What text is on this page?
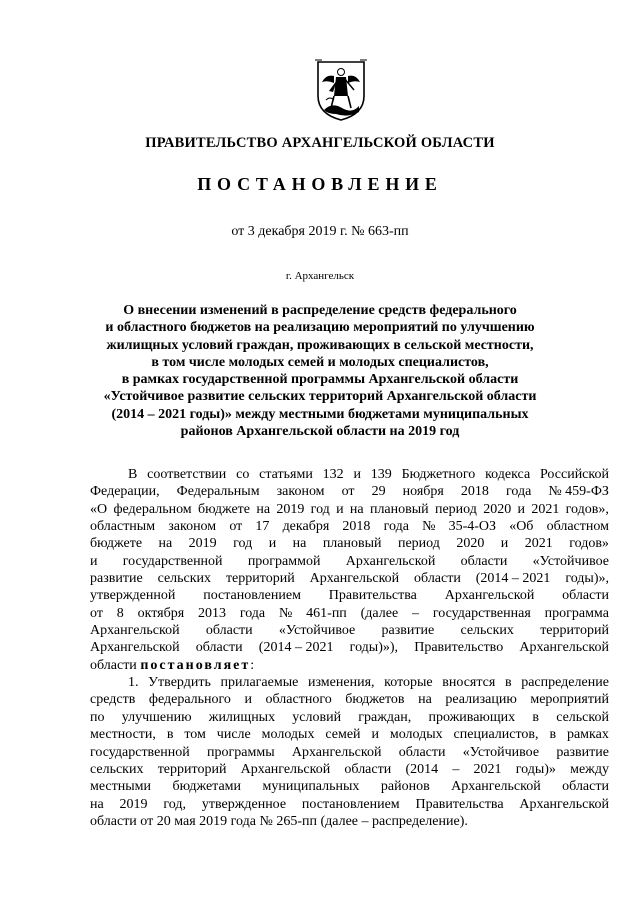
ПРАВИТЕЛЬСТВО АРХАНГЕЛЬСКОЙ ОБЛАСТИ
ПОСТАНОВЛЕНИЕ
от 3 декабря 2019 г. № 663-пп
г. Архангельск
О внесении изменений в распределение средств федерального
и областного бюджетов на реализацию мероприятий по улучшению
жилищных условий граждан, проживающих в сельской местности,
в том числе молодых семей и молодых специалистов,
в рамках государственной программы Архангельской области
«Устойчивое развитие сельских территорий Архангельской области
(2014 – 2021 годы)» между местными бюджетами муниципальных
районов Архангельской области на 2019 год
В соответствии со статьями 132 и 139 Бюджетного кодекса Российской
Федерации, Федеральным законом от 29 ноября 2018 года № 459-ФЗ
«О федеральном бюджете на 2019 год и на плановый период 2020 и 2021 годов»,
областным законом от 17 декабря 2018 года № 35-4-ОЗ «Об областном
бюджете на 2019 год и на плановый период 2020 и 2021 годов»
и государственной программой Архангельской области «Устойчивое
развитие сельских территорий Архангельской области (2014 – 2021 годы)»,
утвержденной постановлением Правительства Архангельской области
от 8 октября 2013 года № 461-пп (далее – государственная программа
Архангельской области «Устойчивое развитие сельских территорий
Архангельской области (2014 – 2021 годы)»), Правительство Архангельской
области
постановляет :
1. Утвердить прилагаемые изменения, которые вносятся в распределение
средств федерального и областного бюджетов на реализацию мероприятий
по улучшению жилищных условий граждан, проживающих в сельской
местности, в том числе молодых семей и молодых специалистов, в рамках
государственной программы Архангельской области «Устойчивое развитие
сельских территорий Архангельской области (2014 – 2021 годы)» между
местными бюджетами муниципальных районов Архангельской области
на 2019 год, утвержденное постановлением Правительства Архангельской
области от 20 мая 2019 года № 265-пп (далее – распределение).
